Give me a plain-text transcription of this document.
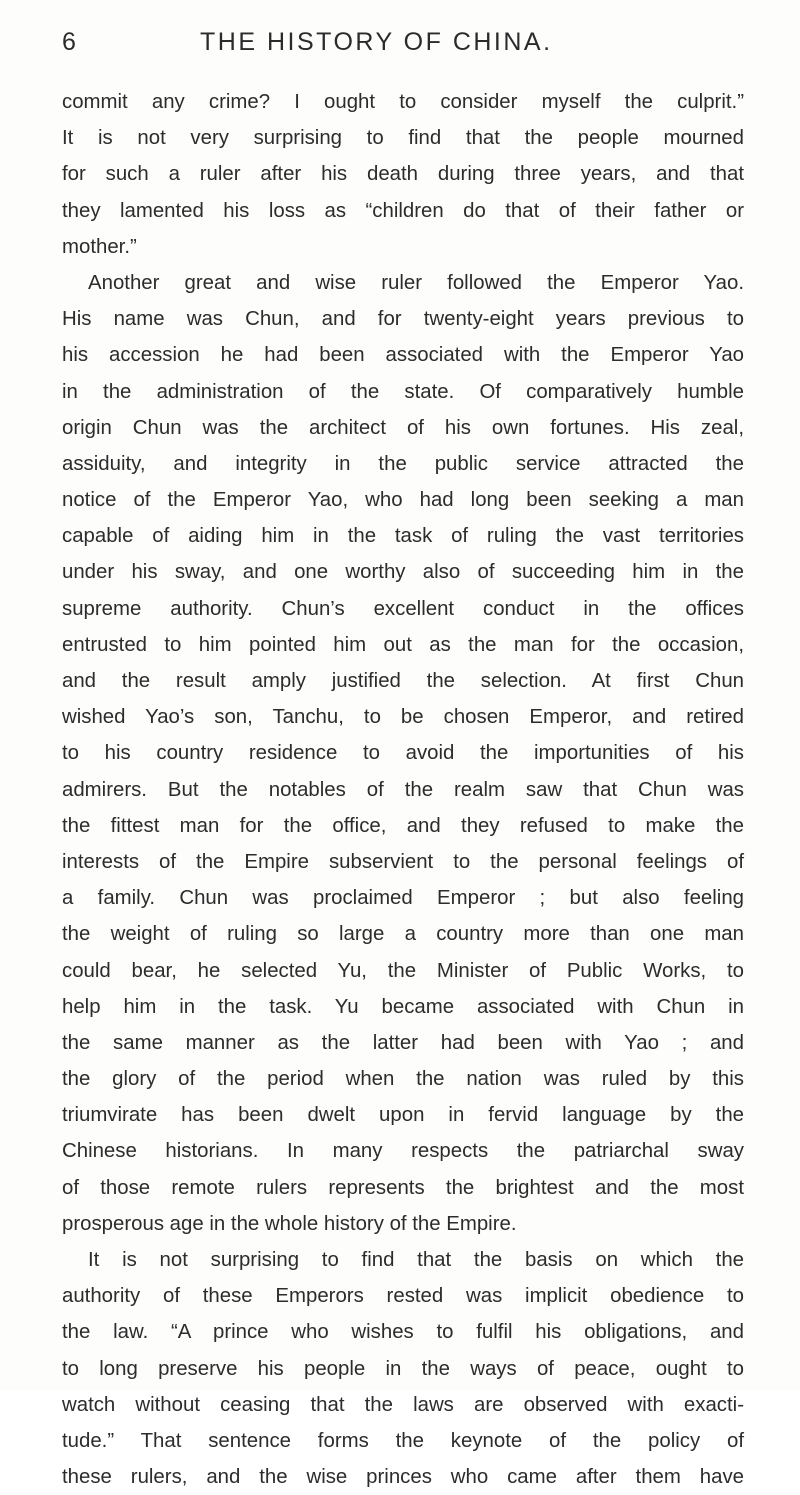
6	THE HISTORY OF CHINA.
commit any crime? I ought to consider myself the culprit.”
It is not very surprising to find that the people mourned
for such a ruler after his death during three years, and that
they lamented his loss as “children do that of their father or
mother.”
Another great and wise ruler followed the Emperor Yao.
His name was Chun, and for twenty-eight years previous to
his accession he had been associated with the Emperor Yao
in the administration of the state. Of comparatively humble
origin Chun was the architect of his own fortunes. His zeal,
assiduity, and integrity in the public service attracted the
notice of the Emperor Yao, who had long been seeking a man
capable of aiding him in the task of ruling the vast territories
under his sway, and one worthy also of succeeding him in the
supreme authority. Chun’s excellent conduct in the offices
entrusted to him pointed him out as the man for the occasion,
and the result amply justified the selection. At first Chun
wished Yao’s son, Tanchu, to be chosen Emperor, and retired
to his country residence to avoid the importunities of his
admirers. But the notables of the realm saw that Chun was
the fittest man for the office, and they refused to make the
interests of the Empire subservient to the personal feelings of
a family. Chun was proclaimed Emperor ; but also feeling
the weight of ruling so large a country more than one man
could bear, he selected Yu, the Minister of Public Works, to
help him in the task. Yu became associated with Chun in
the same manner as the latter had been with Yao ; and
the glory of the period when the nation was ruled by this
triumvirate has been dwelt upon in fervid language by the
Chinese historians. In many respects the patriarchal sway
of those remote rulers represents the brightest and the most
prosperous age in the whole history of the Empire.
It is not surprising to find that the basis on which the
authority of these Emperors rested was implicit obedience to
the law. “A prince who wishes to fulfil his obligations, and
to long preserve his people in the ways of peace, ought to
watch without ceasing that the laws are observed with exacti-
tude.” That sentence forms the keynote of the policy of
these rulers, and the wise princes who came after them have
